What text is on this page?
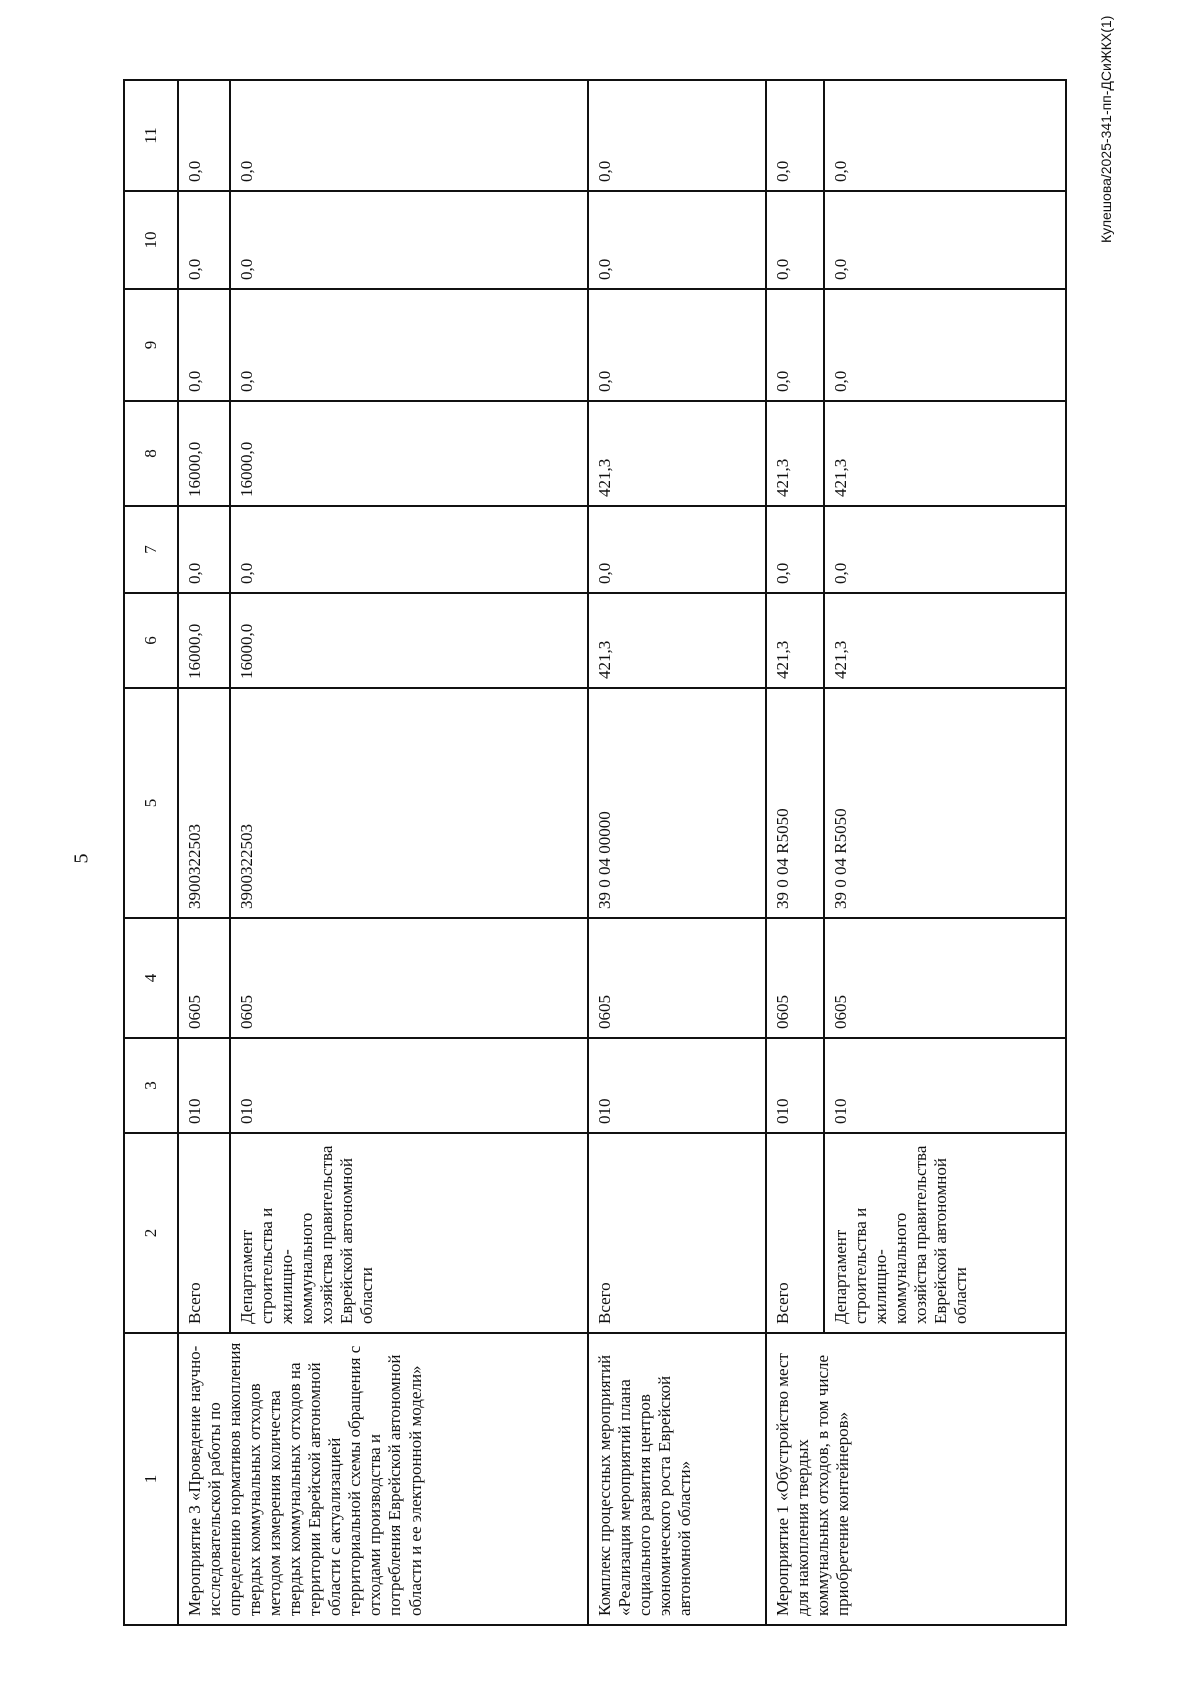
5
Кулешова/2025-341-пп-ДСиЖКХ(1)
1	2	3	4	5	6	7	8	9	10	11
Мероприятие 3 «Проведение научно-исследовательской работы по определению нормативов накопления твердых коммунальных отходов методом измерения количества твердых коммунальных отходов на территории Еврейской автономной области с актуализацией территориальной схемы обращения с отходами производства и потребления Еврейской автономной области и ее электронной модели»	Всего	010	0605	3900322503	16000,0	0,0	16000,0	0,0	0,0	0,0
	Департамент строительства и жилищно-коммунального хозяйства правительства Еврейской автономной области	010	0605	3900322503	16000,0	0,0	16000,0	0,0	0,0	0,0
Комплекс процессных мероприятий «Реализация мероприятий плана социального развития центров экономического роста Еврейской автономной области»	Всего	010	0605	39 0 04 00000	421,3	0,0	421,3	0,0	0,0	0,0
Мероприятие 1 «Обустройство мест для накопления твердых коммунальных отходов, в том числе приобретение контейнеров»	Всего	010	0605	39 0 04 R5050	421,3	0,0	421,3	0,0	0,0	0,0
	Департамент строительства и жилищно-коммунального хозяйства правительства Еврейской автономной области	010	0605	39 0 04 R5050	421,3	0,0	421,3	0,0	0,0	0,0
